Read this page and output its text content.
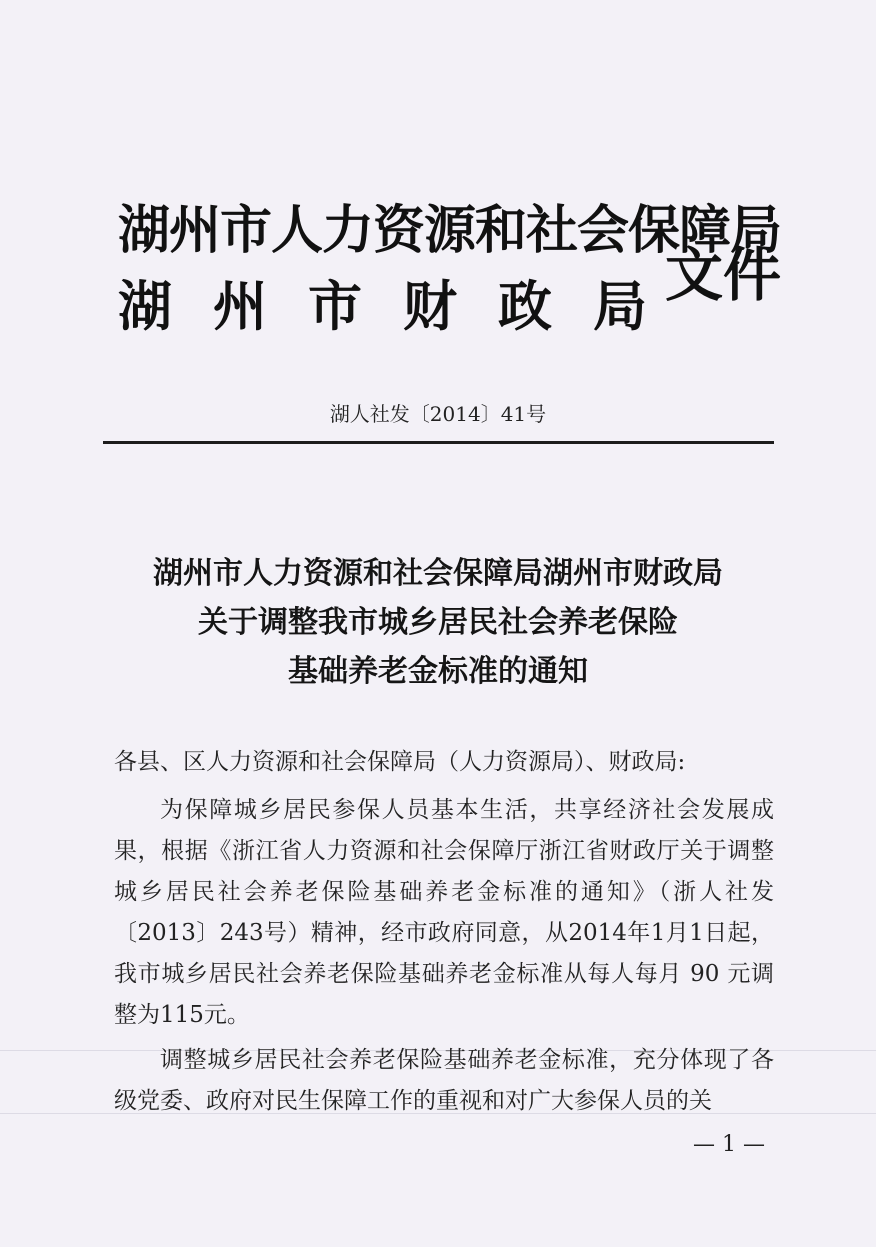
湖州市人力资源和社会保障局
湖州市财政局
文件
湖人社发〔2014〕41号
湖州市人力资源和社会保障局湖州市财政局
关于调整我市城乡居民社会养老保险
基础养老金标准的通知
各县、区人力资源和社会保障局（人力资源局）、财政局:
为保障城乡居民参保人员基本生活，共享经济社会发展成果，根据《浙江省人力资源和社会保障厅浙江省财政厅关于调整城乡居民社会养老保险基础养老金标准的通知》（浙人社发〔2013〕243号）精神，经市政府同意，从2014年1月1日起，我市城乡居民社会养老保险基础养老金标准从每人每月 90 元调整为115元。
调整城乡居民社会养老保险基础养老金标准，充分体现了各级党委、政府对民生保障工作的重视和对广大参保人员的关
— 1 —
